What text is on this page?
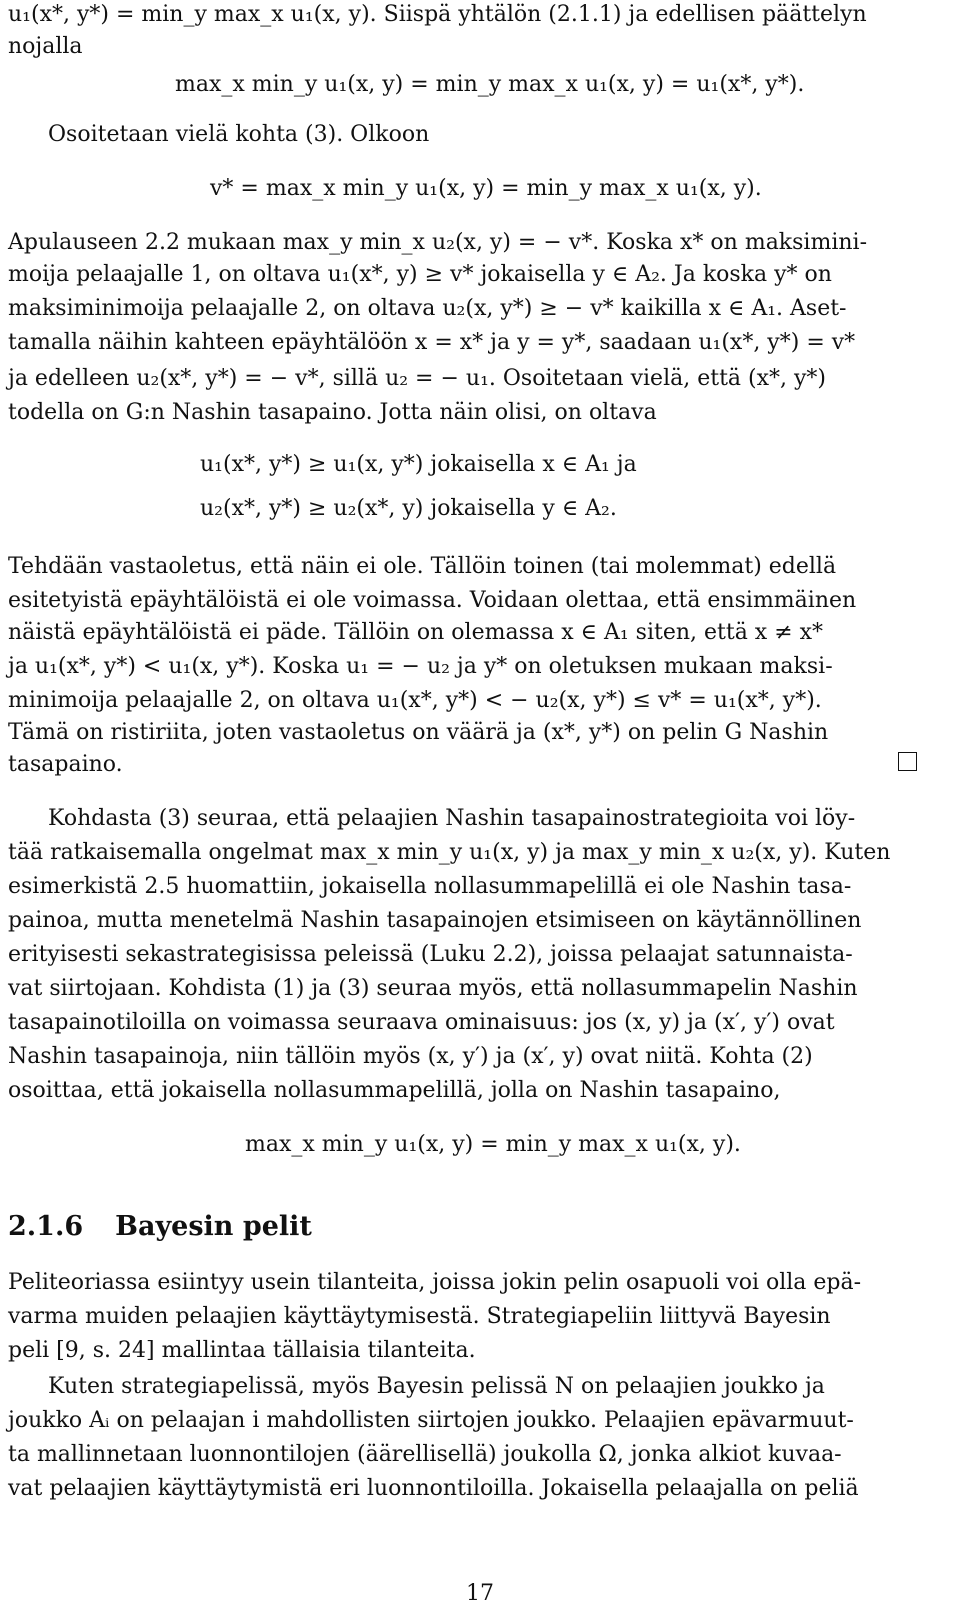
u₁(x*, y*) = min_y max_x u₁(x, y). Siispä yhtälön (2.1.1) ja edellisen päättelyn
nojalla
max_x min_y u₁(x, y) = min_y max_x u₁(x, y) = u₁(x*, y*).
Osoitetaan vielä kohta (3). Olkoon
v* = max_x min_y u₁(x, y) = min_y max_x u₁(x, y).
Apulauseen 2.2 mukaan max_y min_x u₂(x, y) = − v*. Koska x* on maksimini-
moija pelaajalle 1, on oltava u₁(x*, y) ≥ v* jokaisella y ∈ A₂. Ja koska y* on
maksiminimoija pelaajalle 2, on oltava u₂(x, y*) ≥ − v* kaikilla x ∈ A₁. Aset-
tamalla näihin kahteen epäyhtälöön x = x* ja y = y*, saadaan u₁(x*, y*) = v*
ja edelleen u₂(x*, y*) = − v*, sillä u₂ = − u₁. Osoitetaan vielä, että (x*, y*)
todella on G:n Nashin tasapaino. Jotta näin olisi, on oltava
u₁(x*, y*) ≥ u₁(x, y*) jokaisella x ∈ A₁ ja
u₂(x*, y*) ≥ u₂(x*, y) jokaisella y ∈ A₂.
Tehdään vastaoletus, että näin ei ole. Tällöin toinen (tai molemmat) edellä
esitetyistä epäyhtälöistä ei ole voimassa. Voidaan olettaa, että ensimmäinen
näistä epäyhtälöistä ei päde. Tällöin on olemassa x ∈ A₁ siten, että x ≠ x*
ja u₁(x*, y*) < u₁(x, y*). Koska u₁ = − u₂ ja y* on oletuksen mukaan maksi-
minimoija pelaajalle 2, on oltava u₁(x*, y*) < − u₂(x, y*) ≤ v* = u₁(x*, y*).
Tämä on ristiriita, joten vastaoletus on väärä ja (x*, y*) on pelin G Nashin
tasapaino.
Kohdasta (3) seuraa, että pelaajien Nashin tasapainostrategioita voi löy-
tää ratkaisemalla ongelmat max_x min_y u₁(x, y) ja max_y min_x u₂(x, y). Kuten
esimerkistä 2.5 huomattiin, jokaisella nollasummapelillä ei ole Nashin tasa-
painoa, mutta menetelmä Nashin tasapainojen etsimiseen on käytännöllinen
erityisesti sekastrategisissa peleissä (Luku 2.2), joissa pelaajat satunnaista-
vat siirtojaan. Kohdista (1) ja (3) seuraa myös, että nollasummapelin Nashin
tasapainotiloilla on voimassa seuraava ominaisuus: jos (x, y) ja (x′, y′) ovat
Nashin tasapainoja, niin tällöin myös (x, y′) ja (x′, y) ovat niitä. Kohta (2)
osoittaa, että jokaisella nollasummapelillä, jolla on Nashin tasapaino,
max_x min_y u₁(x, y) = min_y max_x u₁(x, y).
2.1.6 Bayesin pelit
Peliteoriassa esiintyy usein tilanteita, joissa jokin pelin osapuoli voi olla epä-
varma muiden pelaajien käyttäytymisestä. Strategiapeliin liittyvä Bayesin
peli [9, s. 24] mallintaa tällaisia tilanteita.
Kuten strategiapelissä, myös Bayesin pelissä N on pelaajien joukko ja
joukko Aᵢ on pelaajan i mahdollisten siirtojen joukko. Pelaajien epävarmuut-
ta mallinnetaan luonnontilojen (äärellisellä) joukolla Ω, jonka alkiot kuvaa-
vat pelaajien käyttäytymistä eri luonnontiloilla. Jokaisella pelaajalla on peliä
17
